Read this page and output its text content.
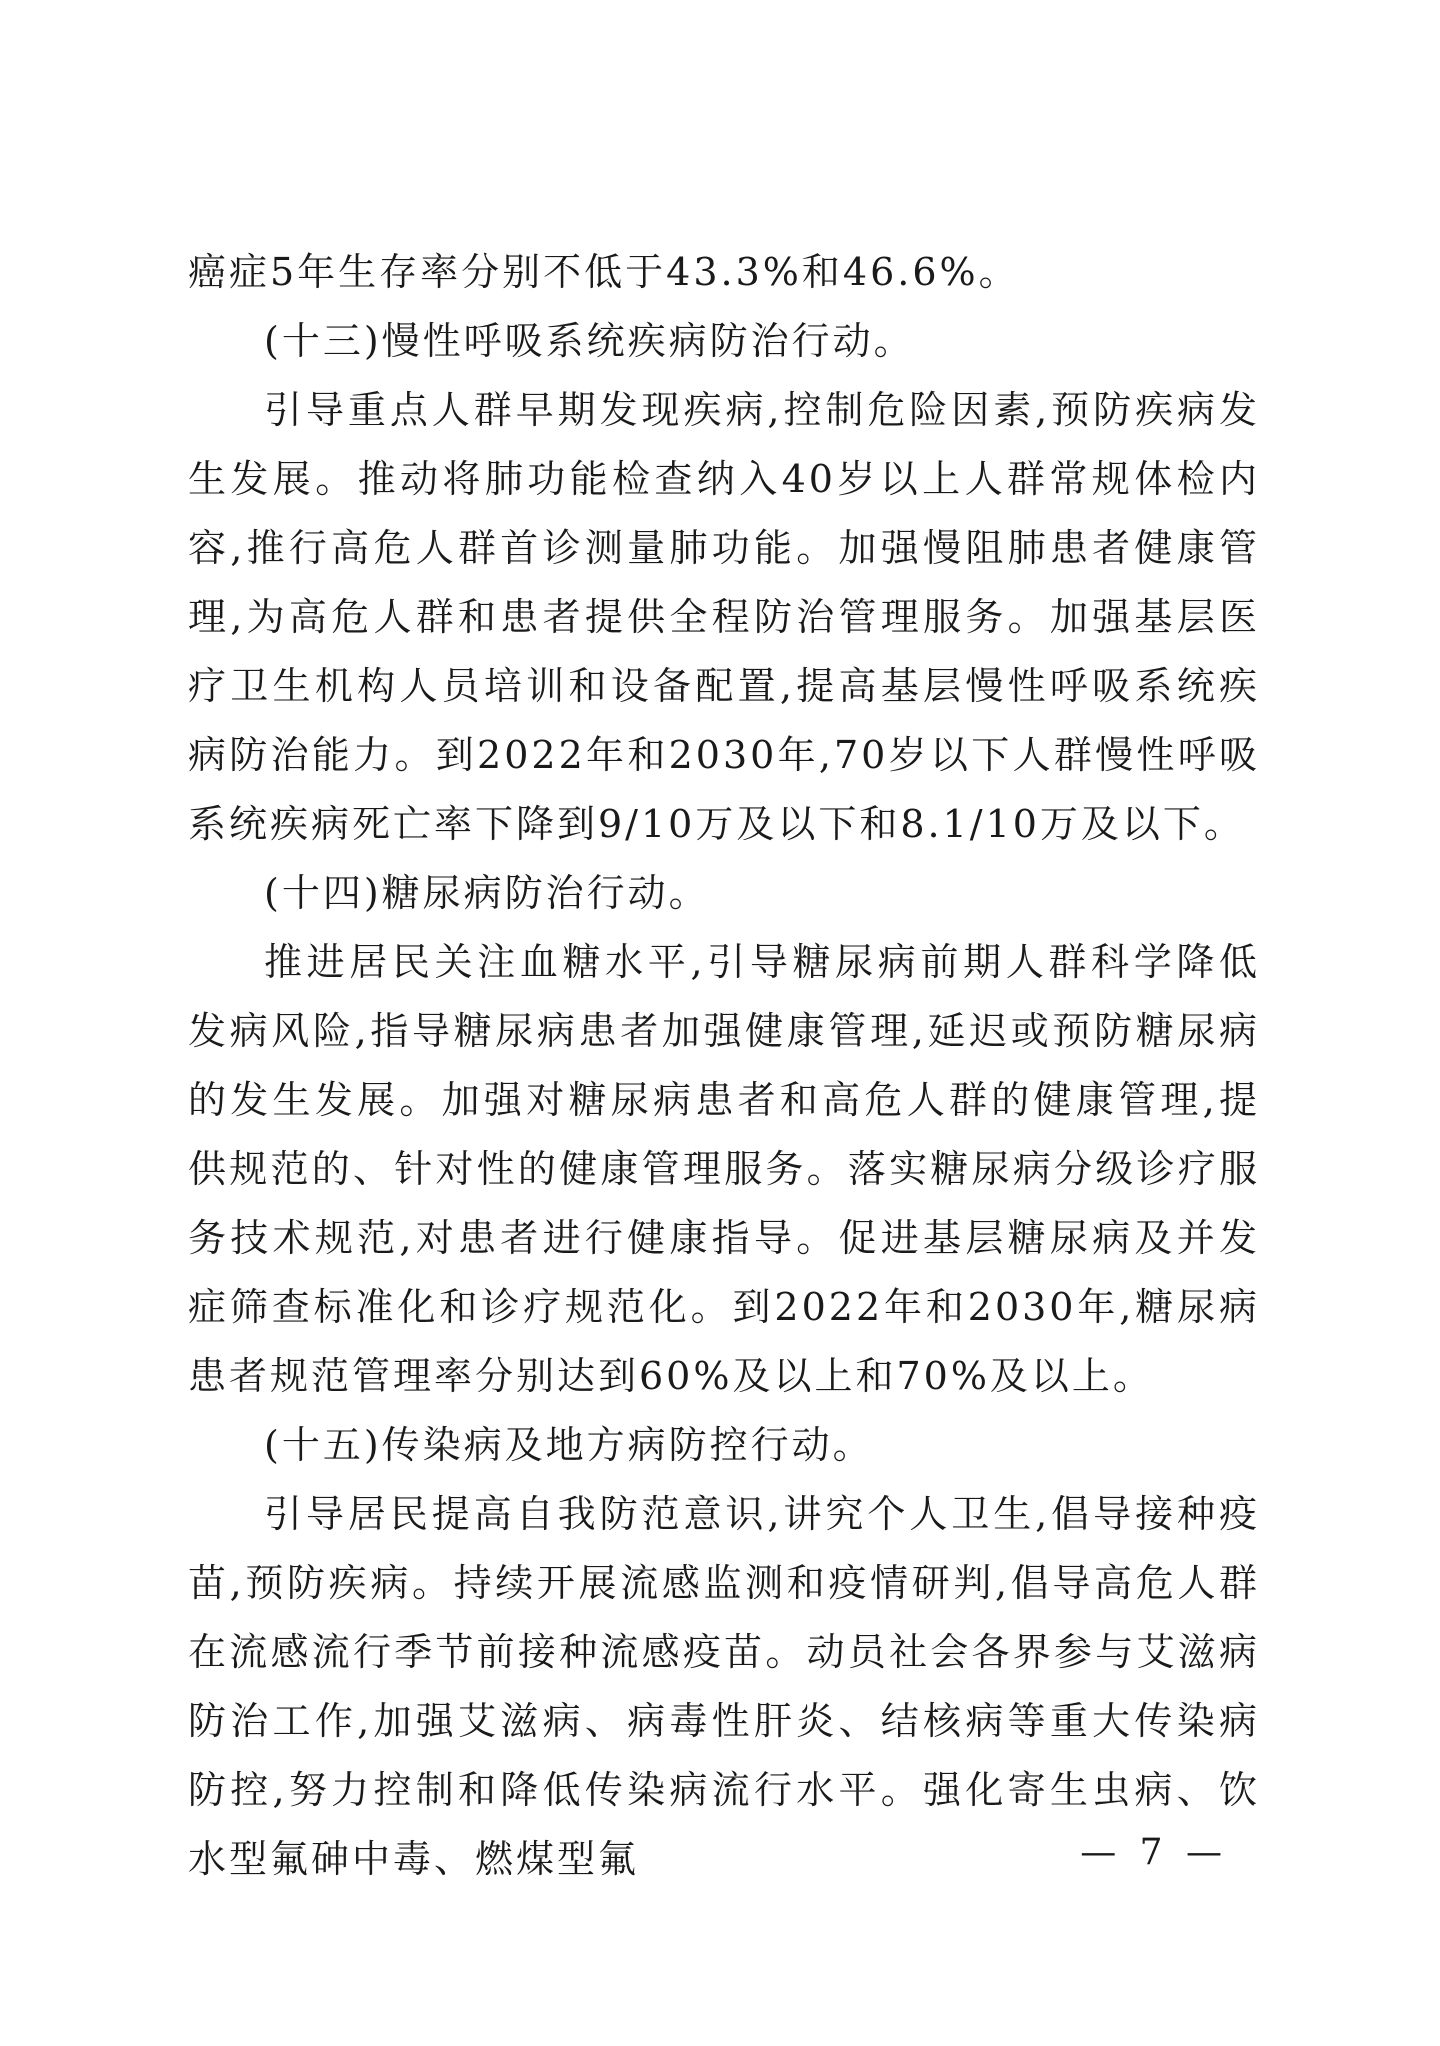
癌症5年生存率分别不低于43.3%和46.6%。

(十三)慢性呼吸系统疾病防治行动。

引导重点人群早期发现疾病,控制危险因素,预防疾病发生发展。推动将肺功能检查纳入40岁以上人群常规体检内容,推行高危人群首诊测量肺功能。加强慢阻肺患者健康管理,为高危人群和患者提供全程防治管理服务。加强基层医疗卫生机构人员培训和设备配置,提高基层慢性呼吸系统疾病防治能力。到2022年和2030年,70岁以下人群慢性呼吸系统疾病死亡率下降到9/10万及以下和8.1/10万及以下。

(十四)糖尿病防治行动。

推进居民关注血糖水平,引导糖尿病前期人群科学降低发病风险,指导糖尿病患者加强健康管理,延迟或预防糖尿病的发生发展。加强对糖尿病患者和高危人群的健康管理,提供规范的、针对性的健康管理服务。落实糖尿病分级诊疗服务技术规范,对患者进行健康指导。促进基层糖尿病及并发症筛查标准化和诊疗规范化。到2022年和2030年,糖尿病患者规范管理率分别达到60%及以上和70%及以上。

(十五)传染病及地方病防控行动。

引导居民提高自我防范意识,讲究个人卫生,倡导接种疫苗,预防疾病。持续开展流感监测和疫情研判,倡导高危人群在流感流行季节前接种流感疫苗。动员社会各界参与艾滋病防治工作,加强艾滋病、病毒性肝炎、结核病等重大传染病防控,努力控制和降低传染病流行水平。强化寄生虫病、饮水型氟砷中毒、燃煤型氟	— 7 —
